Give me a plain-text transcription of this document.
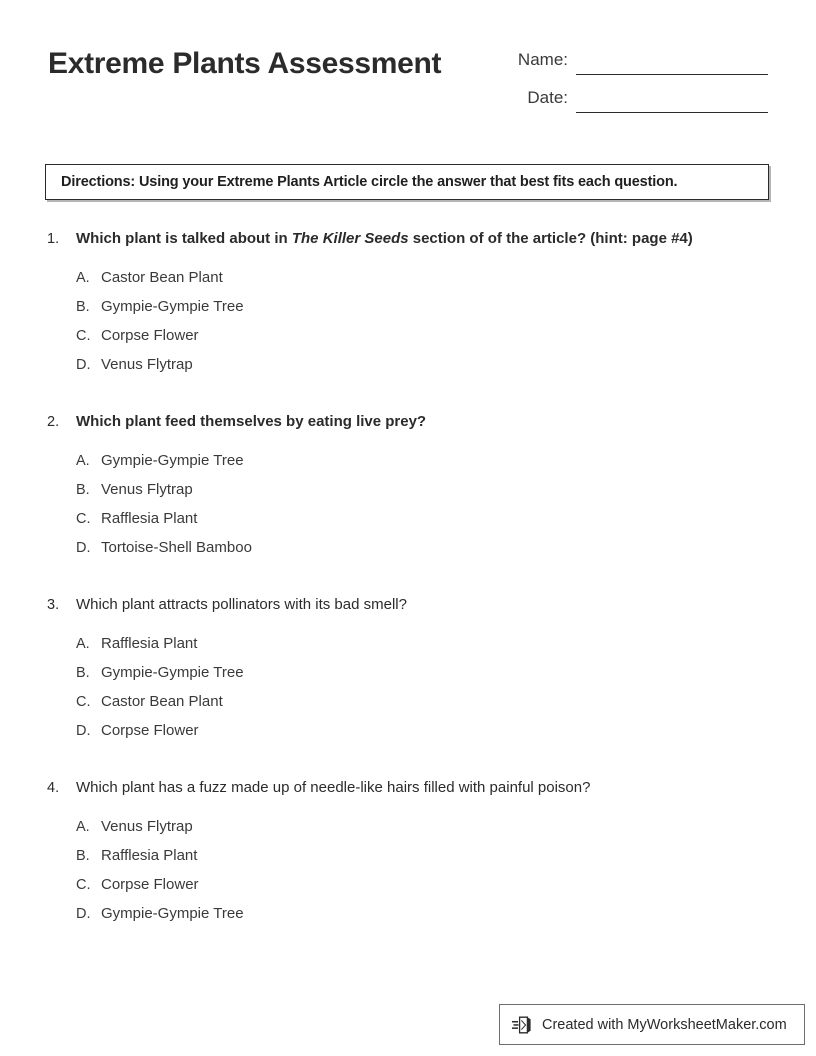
Extreme Plants Assessment	Name:
Date:
Directions: Using your Extreme Plants Article circle the answer that best fits each question.
1. Which plant is talked about in The Killer Seeds section of of the article? (hint: page #4)
A. Castor Bean Plant
B. Gympie-Gympie Tree
C. Corpse Flower
D. Venus Flytrap
2. Which plant feed themselves by eating live prey?
A. Gympie-Gympie Tree
B. Venus Flytrap
C. Rafflesia Plant
D. Tortoise-Shell Bamboo
3. Which plant attracts pollinators with its bad smell?
A. Rafflesia Plant
B. Gympie-Gympie Tree
C. Castor Bean Plant
D. Corpse Flower
4. Which plant has a fuzz made up of needle-like hairs filled with painful poison?
A. Venus Flytrap
B. Rafflesia Plant
C. Corpse Flower
D. Gympie-Gympie Tree
Created with MyWorksheetMaker.com
